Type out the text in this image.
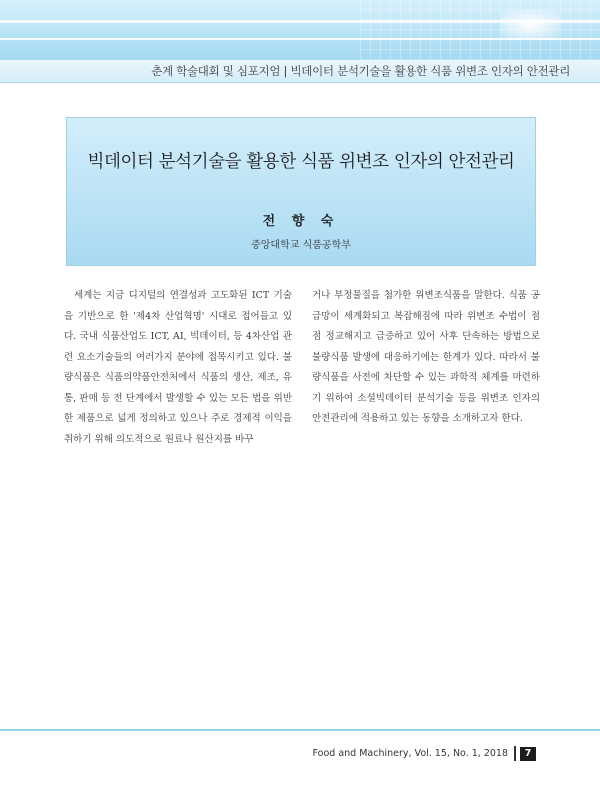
춘계 학술대회 및 심포지엄 | 빅데이터 분석기술을 활용한 식품 위변조 인자의 안전관리
빅데이터 분석기술을 활용한 식품 위변조 인자의 안전관리
전 향 숙
중앙대학교 식품공학부
세계는 지금 디지털의 연결성과 고도화된 ICT 기술을 기반으로 한 '제4차 산업혁명' 시대로 접어들고 있다. 국내 식품산업도 ICT, AI, 빅데이터, 등 4차산업 관련 요소기술들의 여러가지 분야에 접목시키고 있다. 불량식품은 식품의약품안전처에서 식품의 생산, 제조, 유통, 판매 등 전 단계에서 발생할 수 있는 모든 법을 위반한 제품으로 넓게 정의하고 있으나 주로 경제적 이익을 취하기 위해 의도적으로 원료나 원산지를 바꾸
거나 부정물질을 첨가한 위변조식품을 말한다. 식품 공급망이 세계화되고 복잡해짐에 따라 위변조 수법이 점점 정교해지고 급증하고 있어 사후 단속하는 방법으로 불량식품 발생에 대응하기에는 한계가 있다. 따라서 불량식품을 사전에 차단할 수 있는 과학적 체계를 마련하기 위하여 소셜빅데이터 분석기술 등을 위변조 인자의 안전관리에 적용하고 있는 동향을 소개하고자 한다.
Food and Machinery, Vol. 15, No. 1, 2018	7
